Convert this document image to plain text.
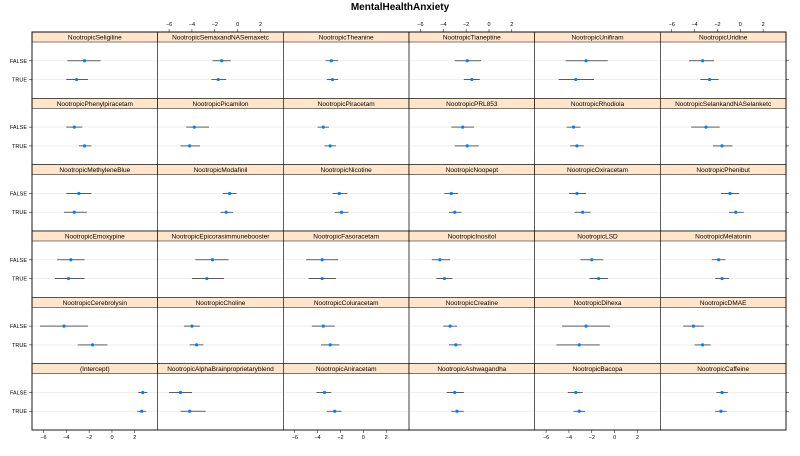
MentalHealthAnxiety
−6	−4	−2	0	2
−6	−4	−2	0	2
−6	−4	−2	0	2
−6	−4	−2	0	2
−6	−4	−2	0	2
−6	−4	−2	0	2
NootropicSeligiline
FALSE
TRUE
NootropicSemaxandNASemaxetc	NootropicTheanine	NootropicTianeptine	NootropicUnifiram	NootropicUridine
NootropicPhenylpiracetam
FALSE
TRUE
NootropicPicamilon	NootropicPiracetam	NootropicPRL853	NootropicRhodiola	NootropicSelankandNASelanketc
NootropicMethyleneBlue
FALSE
TRUE
NootropicModafinil	NootropicNicotine	NootropicNoopept	NootropicOxiracetam	NootropicPhenibut
NootropicEmoxypine
FALSE
TRUE
NootropicEpicorasimmunebooster	NootropicFasoracetam	NootropicInositol	NootropicLSD	NootropicMelatonin
NootropicCerebrolysin
FALSE
TRUE
NootropicCholine	NootropicColuracetam	NootropicCreatine	NootropicDihexa	NootropicDMAE
(Intercept)
FALSE
TRUE
NootropicAlphaBrainproprietaryblend	NootropicAniracetam	NootropicAshwagandha	NootropicBacopa	NootropicCaffeine
